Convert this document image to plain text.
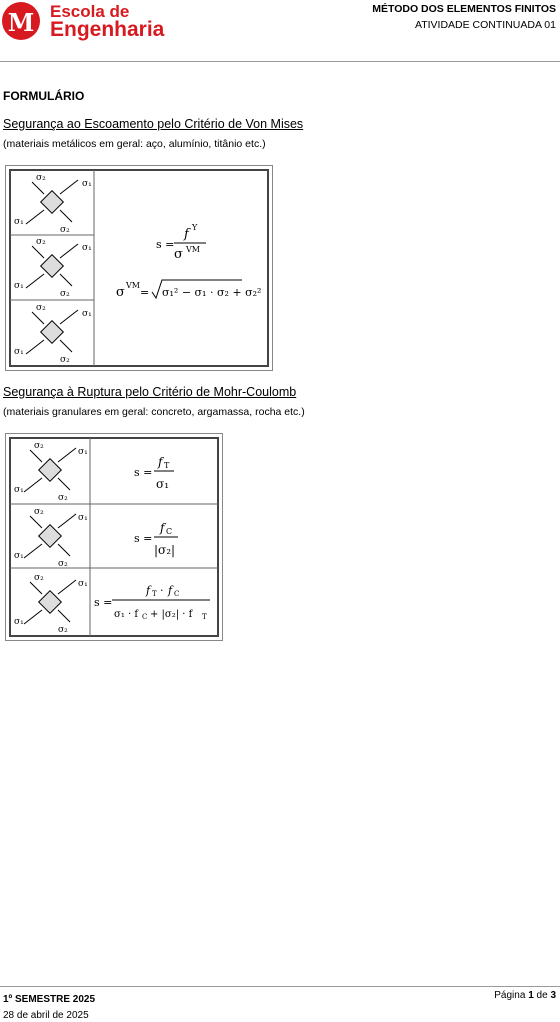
M Escola de
Engenharia
MÉTODO DOS ELEMENTOS FINITOS
ATIVIDADE CONTINUADA 01
FORMULÁRIO
Segurança ao Escoamento pelo Critério de Von Mises
(materiais metálicos em geral: aço, alumínio, titânio etc.)
σ₂
σ₁
σ₁
σ₂
σ₂
σ₁
σ₁
σ₂
σ₂
σ₁
σ₁
σ₂
s =
f Y
σ VM
σ VM
= σ₁² − σ₁ · σ₂ + σ₂²
Segurança à Ruptura pelo Critério de Mohr-Coulomb
(materiais granulares em geral: concreto, argamassa, rocha etc.)
σ₂
σ₁
σ₁
σ₂
σ₂
σ₁
σ₁
σ₂
σ₂
σ₁
σ₁
σ₂
s =
f T
σ₁
s =
f C
|σ₂|
s =
f T · f C
σ₁ · f C + |σ₂| · f T
1º SEMESTRE 2025
28 de abril de 2025
Página 1 de 3
